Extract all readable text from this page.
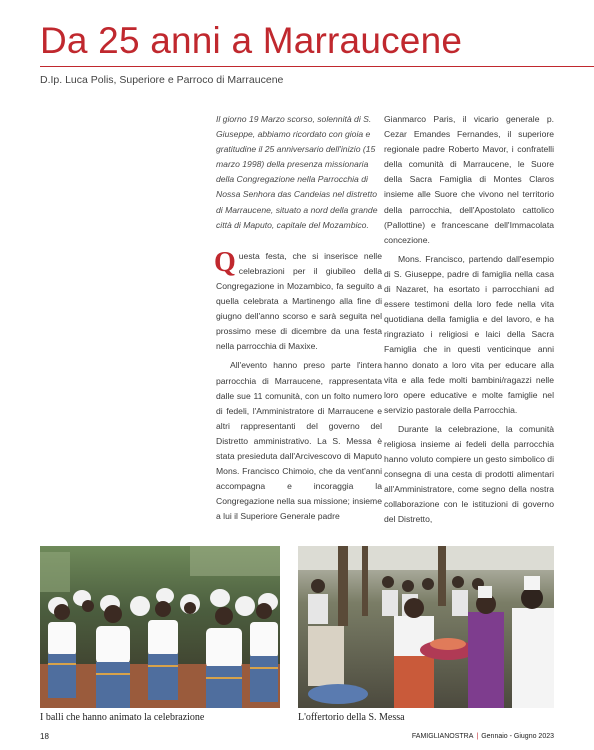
Da 25 anni a Marraucene
D.Ip. Luca Polis, Superiore e Parroco di Marraucene

Il giorno 19 Marzo scorso, solennità di S. Giuseppe, abbiamo ricordato con gioia e gratitudine il 25 anniversario dell'inizio (15 marzo 1998) della presenza missionaria della Congregazione nella Parrocchia di Nossa Senhora das Candeias nel distretto di Marraucene, situato a nord della grande città di Maputo, capitale del Mozambico.

Questa festa, che si inserisce nelle celebrazioni per il giubileo della Congregazione in Mozambico, fa seguito a quella celebrata a Martinengo alla fine di giugno dell'anno scorso e sarà seguita nel prossimo mese di dicembre da una festa nella parrocchia di Maxixe.

All'evento hanno preso parte l'intera parrocchia di Marraucene, rappresentata dalle sue 11 comunità, con un folto numero di fedeli, l'Amministratore di Marraucene e altri rappresentanti del governo del Distretto amministrativo. La S. Messa è stata presieduta dall'Arcivescovo di Maputo Mons. Francisco Chimoio, che da vent'anni accompagna e incoraggia la Congregazione nella sua missione; insieme a lui il Superiore Generale padre

Gianmarco Paris, il vicario generale p. Cezar Emandes Fernandes, il superiore regionale padre Roberto Mavor, i confratelli della comunità di Marraucene, le Suore della Sacra Famiglia di Montes Claros insieme alle Suore che vivono nel territorio della parrocchia, dell'Apostolato cattolico (Pallottine) e francescane dell'Immacolata concezione.

Mons. Francisco, partendo dall'esempio di S. Giuseppe, padre di famiglia nella casa di Nazaret, ha esortato i parrocchiani ad essere testimoni della loro fede nella vita quotidiana della famiglia e del lavoro, e ha ringraziato i religiosi e laici della Sacra Famiglia che in questi venticinque anni hanno donato a loro vita per educare alla vita e alla fede molti bambini/ragazzi nelle loro opere educative e molte famiglie nel servizio pastorale della Parrocchia.

Durante la celebrazione, la comunità religiosa insieme ai fedeli della parrocchia hanno voluto compiere un gesto simbolico di consegna di una cesta di prodotti alimentari all'Amministratore, come segno della nostra collaborazione con le istituzioni di governo del Distretto,

I balli che hanno animato la celebrazione	L'offertorio della S. Messa
18	FAMIGLIANOSTRA | Gennaio - Giugno 2023
